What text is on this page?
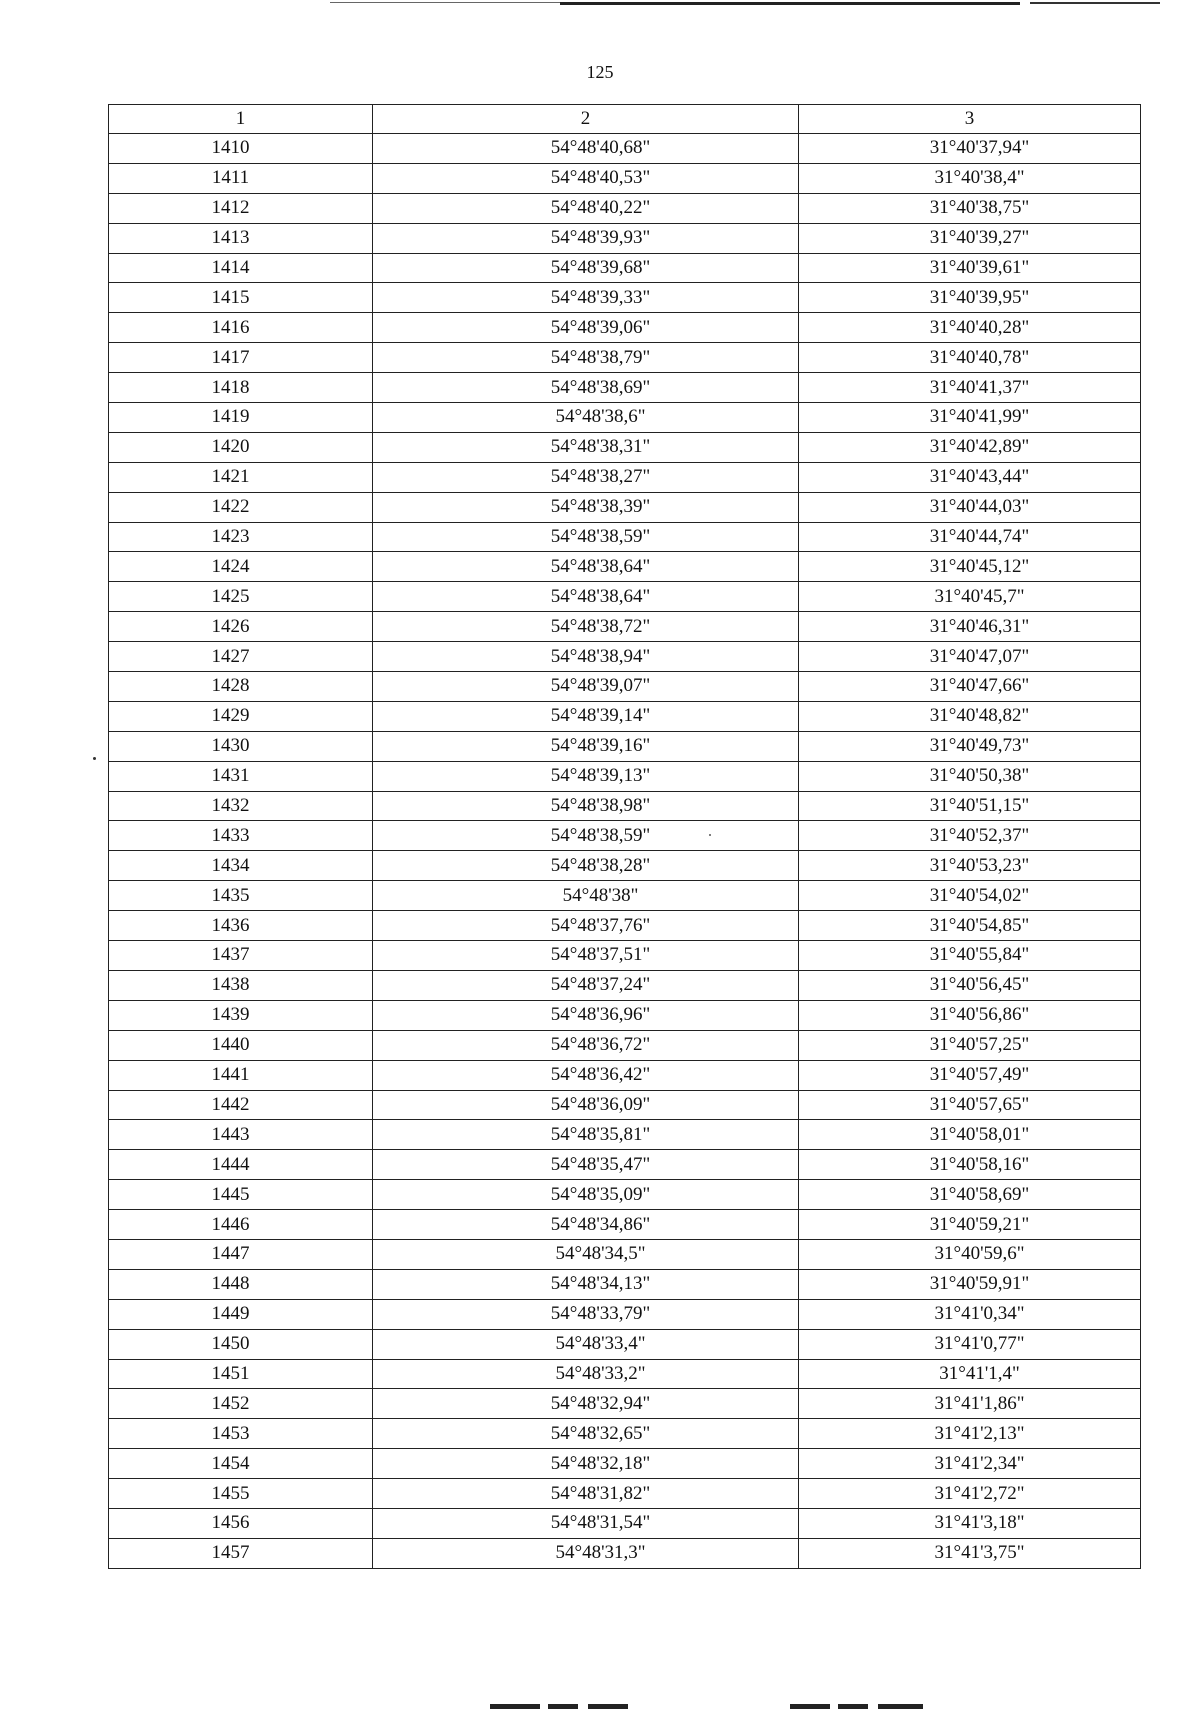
125
1	2	3
1410	54°48'40,68"	31°40'37,94"
1411	54°48'40,53"	31°40'38,4"
1412	54°48'40,22"	31°40'38,75"
1413	54°48'39,93"	31°40'39,27"
1414	54°48'39,68"	31°40'39,61"
1415	54°48'39,33"	31°40'39,95"
1416	54°48'39,06"	31°40'40,28"
1417	54°48'38,79"	31°40'40,78"
1418	54°48'38,69"	31°40'41,37"
1419	54°48'38,6"	31°40'41,99"
1420	54°48'38,31"	31°40'42,89"
1421	54°48'38,27"	31°40'43,44"
1422	54°48'38,39"	31°40'44,03"
1423	54°48'38,59"	31°40'44,74"
1424	54°48'38,64"	31°40'45,12"
1425	54°48'38,64"	31°40'45,7"
1426	54°48'38,72"	31°40'46,31"
1427	54°48'38,94"	31°40'47,07"
1428	54°48'39,07"	31°40'47,66"
1429	54°48'39,14"	31°40'48,82"
1430	54°48'39,16"	31°40'49,73"
1431	54°48'39,13"	31°40'50,38"
1432	54°48'38,98"	31°40'51,15"
1433	54°48'38,59"	31°40'52,37"
1434	54°48'38,28"	31°40'53,23"
1435	54°48'38"	31°40'54,02"
1436	54°48'37,76"	31°40'54,85"
1437	54°48'37,51"	31°40'55,84"
1438	54°48'37,24"	31°40'56,45"
1439	54°48'36,96"	31°40'56,86"
1440	54°48'36,72"	31°40'57,25"
1441	54°48'36,42"	31°40'57,49"
1442	54°48'36,09"	31°40'57,65"
1443	54°48'35,81"	31°40'58,01"
1444	54°48'35,47"	31°40'58,16"
1445	54°48'35,09"	31°40'58,69"
1446	54°48'34,86"	31°40'59,21"
1447	54°48'34,5"	31°40'59,6"
1448	54°48'34,13"	31°40'59,91"
1449	54°48'33,79"	31°41'0,34"
1450	54°48'33,4"	31°41'0,77"
1451	54°48'33,2"	31°41'1,4"
1452	54°48'32,94"	31°41'1,86"
1453	54°48'32,65"	31°41'2,13"
1454	54°48'32,18"	31°41'2,34"
1455	54°48'31,82"	31°41'2,72"
1456	54°48'31,54"	31°41'3,18"
1457	54°48'31,3"	31°41'3,75"
